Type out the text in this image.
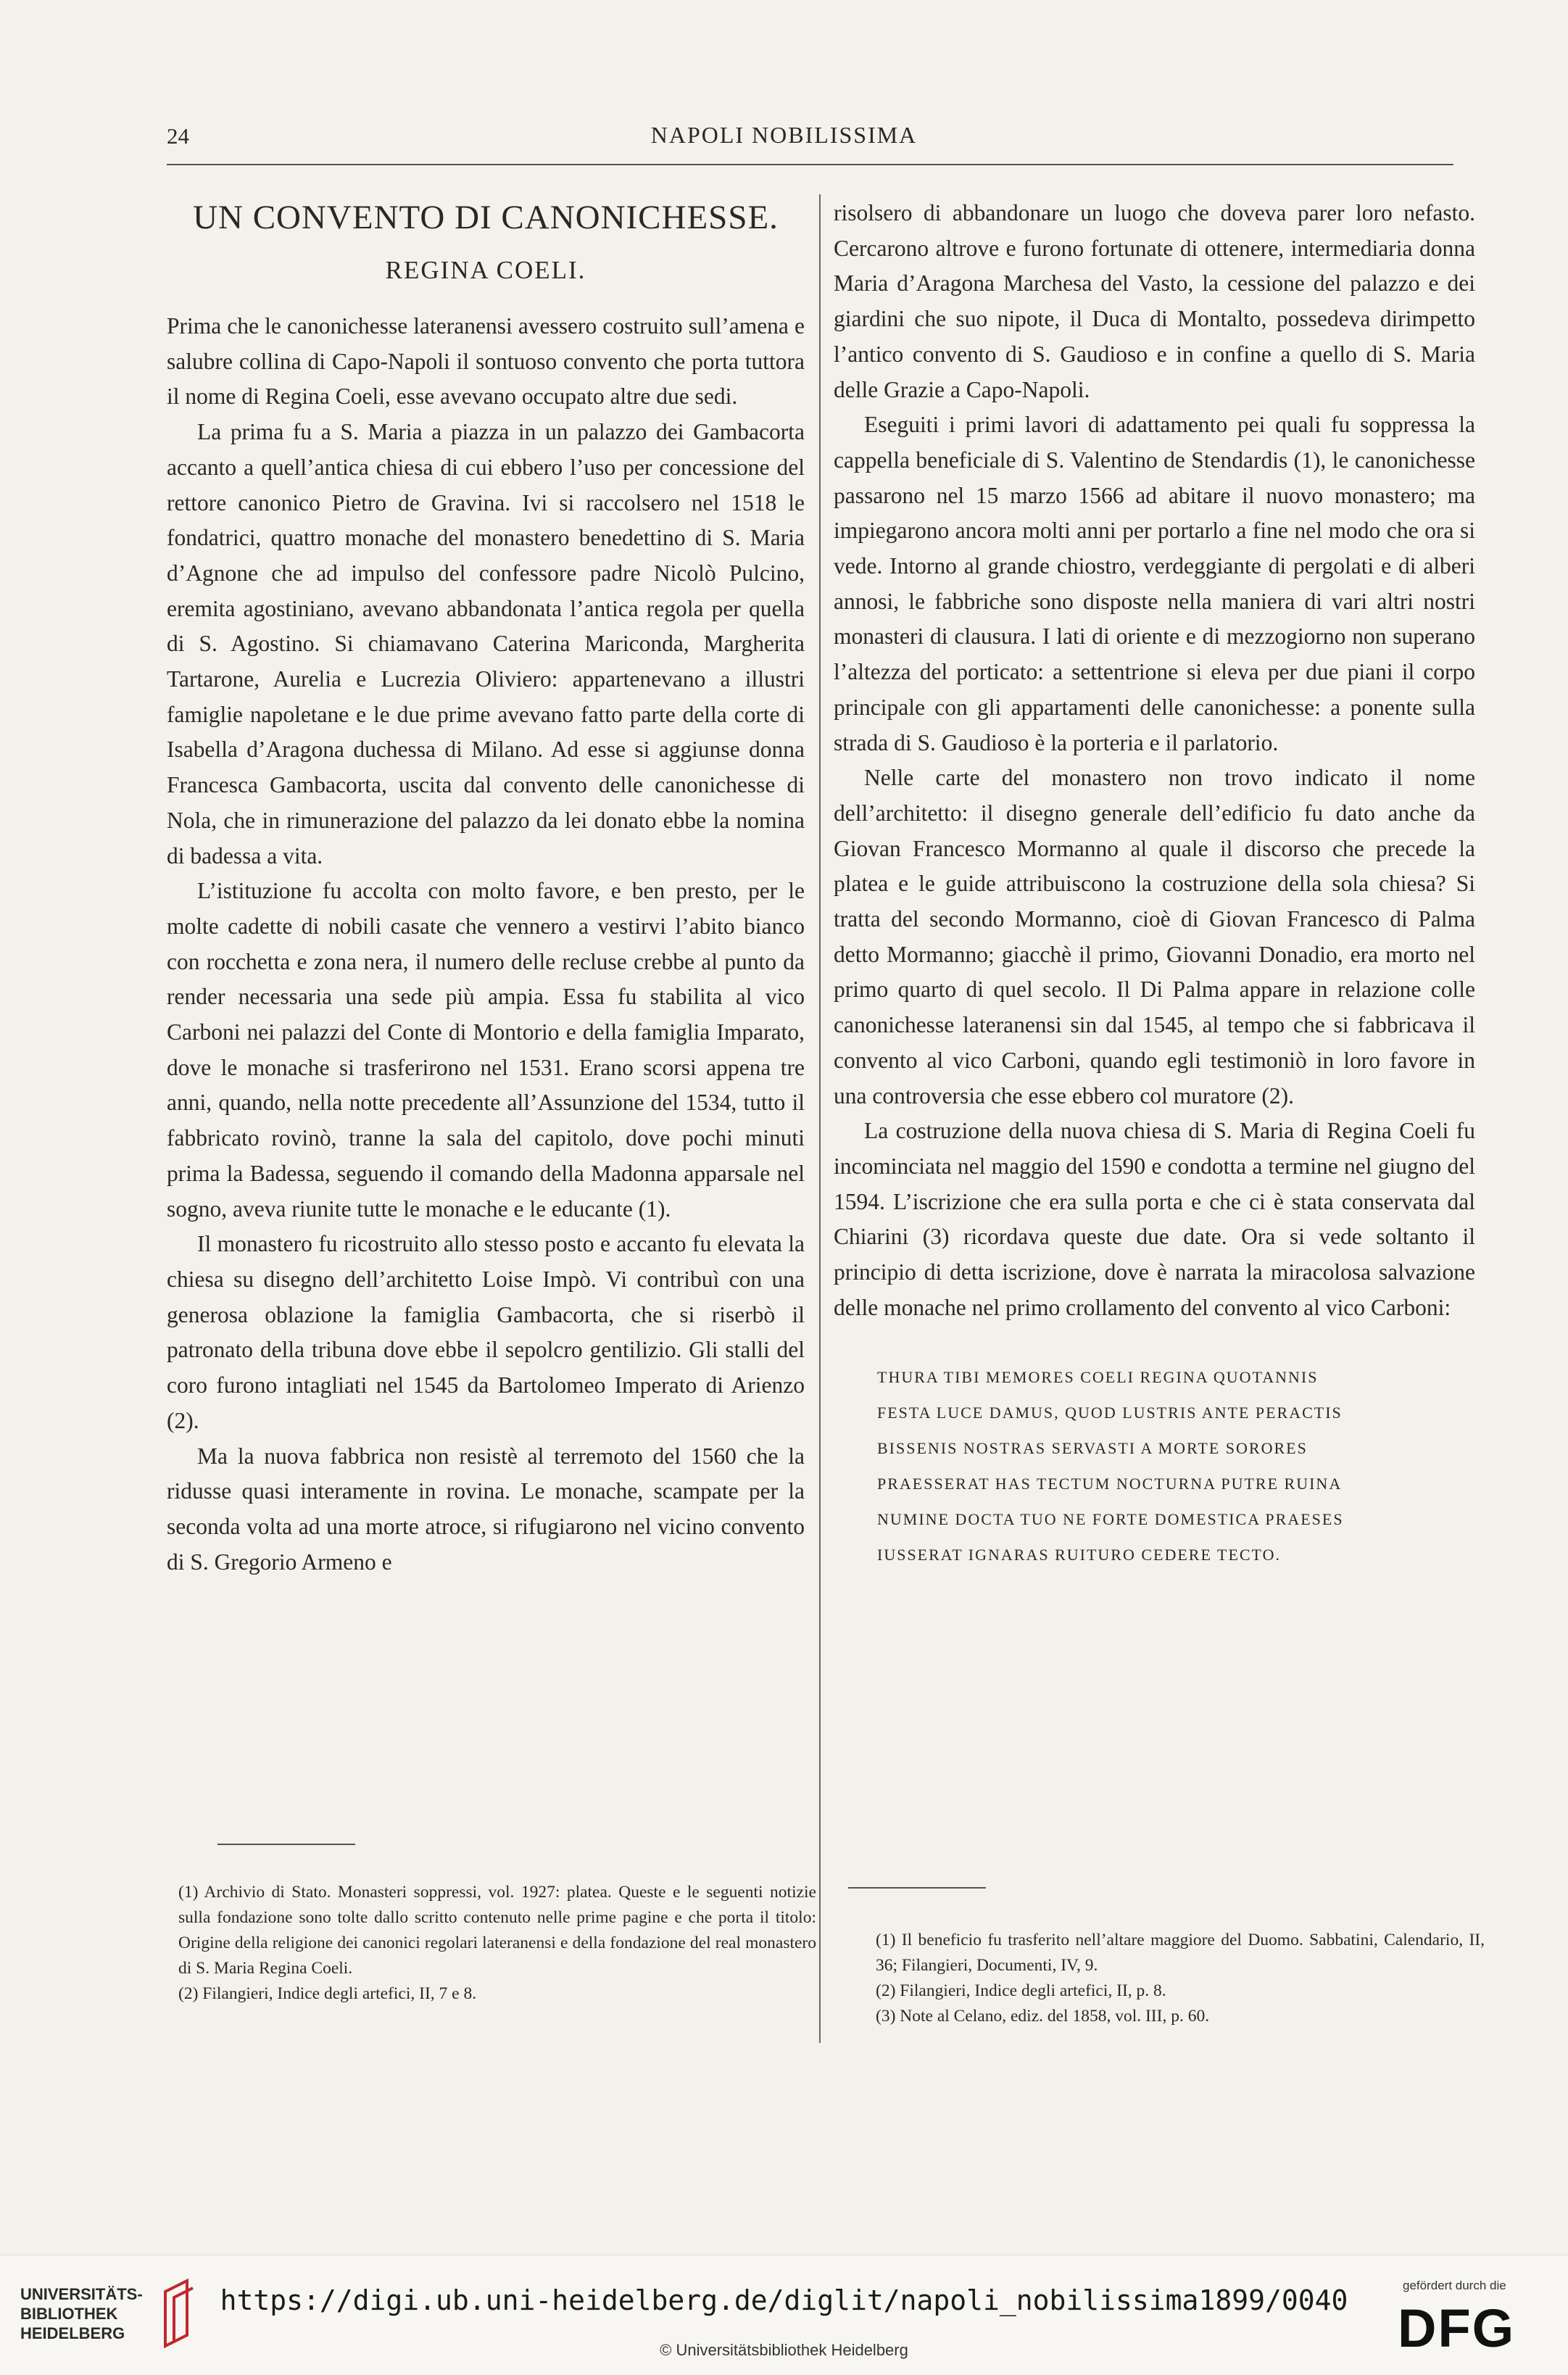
24	NAPOLI NOBILISSIMA
UN CONVENTO DI CANONICHESSE.
REGINA COELI.

Prima che le canonichesse lateranensi avessero costruito sull’amena e salubre collina di Capo-Napoli il sontuoso convento che porta tuttora il nome di Regina Coeli, esse avevano occupato altre due sedi.

La prima fu a S. Maria a piazza in un palazzo dei Gambacorta accanto a quell’antica chiesa di cui ebbero l’uso per concessione del rettore canonico Pietro de Gravina. Ivi si raccolsero nel 1518 le fondatrici, quattro monache del monastero benedettino di S. Maria d’Agnone che ad impulso del confessore padre Nicolò Pulcino, eremita agostiniano, avevano abbandonata l’antica regola per quella di S. Agostino. Si chiamavano Caterina Mariconda, Margherita Tartarone, Aurelia e Lucrezia Oliviero: appartenevano a illustri famiglie napoletane e le due prime avevano fatto parte della corte di Isabella d’Aragona duchessa di Milano. Ad esse si aggiunse donna Francesca Gambacorta, uscita dal convento delle canonichesse di Nola, che in rimunerazione del palazzo da lei donato ebbe la nomina di badessa a vita.

L’istituzione fu accolta con molto favore, e ben presto, per le molte cadette di nobili casate che vennero a vestirvi l’abito bianco con rocchetta e zona nera, il numero delle recluse crebbe al punto da render necessaria una sede più ampia. Essa fu stabilita al vico Carboni nei palazzi del Conte di Montorio e della famiglia Imparato, dove le monache si trasferirono nel 1531. Erano scorsi appena tre anni, quando, nella notte precedente all’Assunzione del 1534, tutto il fabbricato rovinò, tranne la sala del capitolo, dove pochi minuti prima la Badessa, seguendo il comando della Madonna apparsale nel sogno, aveva riunite tutte le monache e le educante (1).

Il monastero fu ricostruito allo stesso posto e accanto fu elevata la chiesa su disegno dell’architetto Loise Impò. Vi contribuì con una generosa oblazione la famiglia Gambacorta, che si riserbò il patronato della tribuna dove ebbe il sepolcro gentilizio. Gli stalli del coro furono intagliati nel 1545 da Bartolomeo Imperato di Arienzo (2).

Ma la nuova fabbrica non resistè al terremoto del 1560 che la ridusse quasi interamente in rovina. Le monache, scampate per la seconda volta ad una morte atroce, si rifugiarono nel vicino convento di S. Gregorio Armeno e

risolsero di abbandonare un luogo che doveva parer loro nefasto. Cercarono altrove e furono fortunate di ottenere, intermediaria donna Maria d’Aragona Marchesa del Vasto, la cessione del palazzo e dei giardini che suo nipote, il Duca di Montalto, possedeva dirimpetto l’antico convento di S. Gaudioso e in confine a quello di S. Maria delle Grazie a Capo-Napoli.

Eseguiti i primi lavori di adattamento pei quali fu soppressa la cappella beneficiale di S. Valentino de Stendardis (1), le canonichesse passarono nel 15 marzo 1566 ad abitare il nuovo monastero; ma impiegarono ancora molti anni per portarlo a fine nel modo che ora si vede. Intorno al grande chiostro, verdeggiante di pergolati e di alberi annosi, le fabbriche sono disposte nella maniera di vari altri nostri monasteri di clausura. I lati di oriente e di mezzogiorno non superano l’altezza del porticato: a settentrione si eleva per due piani il corpo principale con gli appartamenti delle canonichesse: a ponente sulla strada di S. Gaudioso è la porteria e il parlatorio.

Nelle carte del monastero non trovo indicato il nome dell’architetto: il disegno generale dell’edificio fu dato anche da Giovan Francesco Mormanno al quale il discorso che precede la platea e le guide attribuiscono la costruzione della sola chiesa? Si tratta del secondo Mormanno, cioè di Giovan Francesco di Palma detto Mormanno; giacchè il primo, Giovanni Donadio, era morto nel primo quarto di quel secolo. Il Di Palma appare in relazione colle canonichesse lateranensi sin dal 1545, al tempo che si fabbricava il convento al vico Carboni, quando egli testimoniò in loro favore in una controversia che esse ebbero col muratore (2).

La costruzione della nuova chiesa di S. Maria di Regina Coeli fu incominciata nel maggio del 1590 e condotta a termine nel giugno del 1594. L’iscrizione che era sulla porta e che ci è stata conservata dal Chiarini (3) ricordava queste due date. Ora si vede soltanto il principio di detta iscrizione, dove è narrata la miracolosa salvazione delle monache nel primo crollamento del convento al vico Carboni:

THURA TIBI MEMORES COELI REGINA QUOTANNIS
FESTA LUCE DAMUS, QUOD LUSTRIS ANTE PERACTIS
BISSENIS NOSTRAS SERVASTI A MORTE SORORES
PRAESSERAT HAS TECTUM NOCTURNA PUTRE RUINA
NUMINE DOCTA TUO NE FORTE DOMESTICA PRAESES
IUSSERAT IGNARAS RUITURO CEDERE TECTO.

(1) Archivio di Stato. Monasteri soppressi, vol. 1927: platea. Queste e le seguenti notizie sulla fondazione sono tolte dallo scritto contenuto nelle prime pagine e che porta il titolo: Origine della religione dei canonici regolari lateranensi e della fondazione del real monastero di S. Maria Regina Coeli.

(2) Filangieri, Indice degli artefici, II, 7 e 8.

(1) Il beneficio fu trasferito nell’altare maggiore del Duomo. Sabbatini, Calendario, II, 36; Filangieri, Documenti, IV, 9.

(2) Filangieri, Indice degli artefici, II, p. 8.

(3) Note al Celano, ediz. del 1858, vol. III, p. 60.

UNIVERSITÄTS-
BIBLIOTHEK
HEIDELBERG
https://digi.ub.uni-heidelberg.de/diglit/napoli_nobilissima1899/0040
© Universitätsbibliothek Heidelberg
gefördert durch die
DFG
